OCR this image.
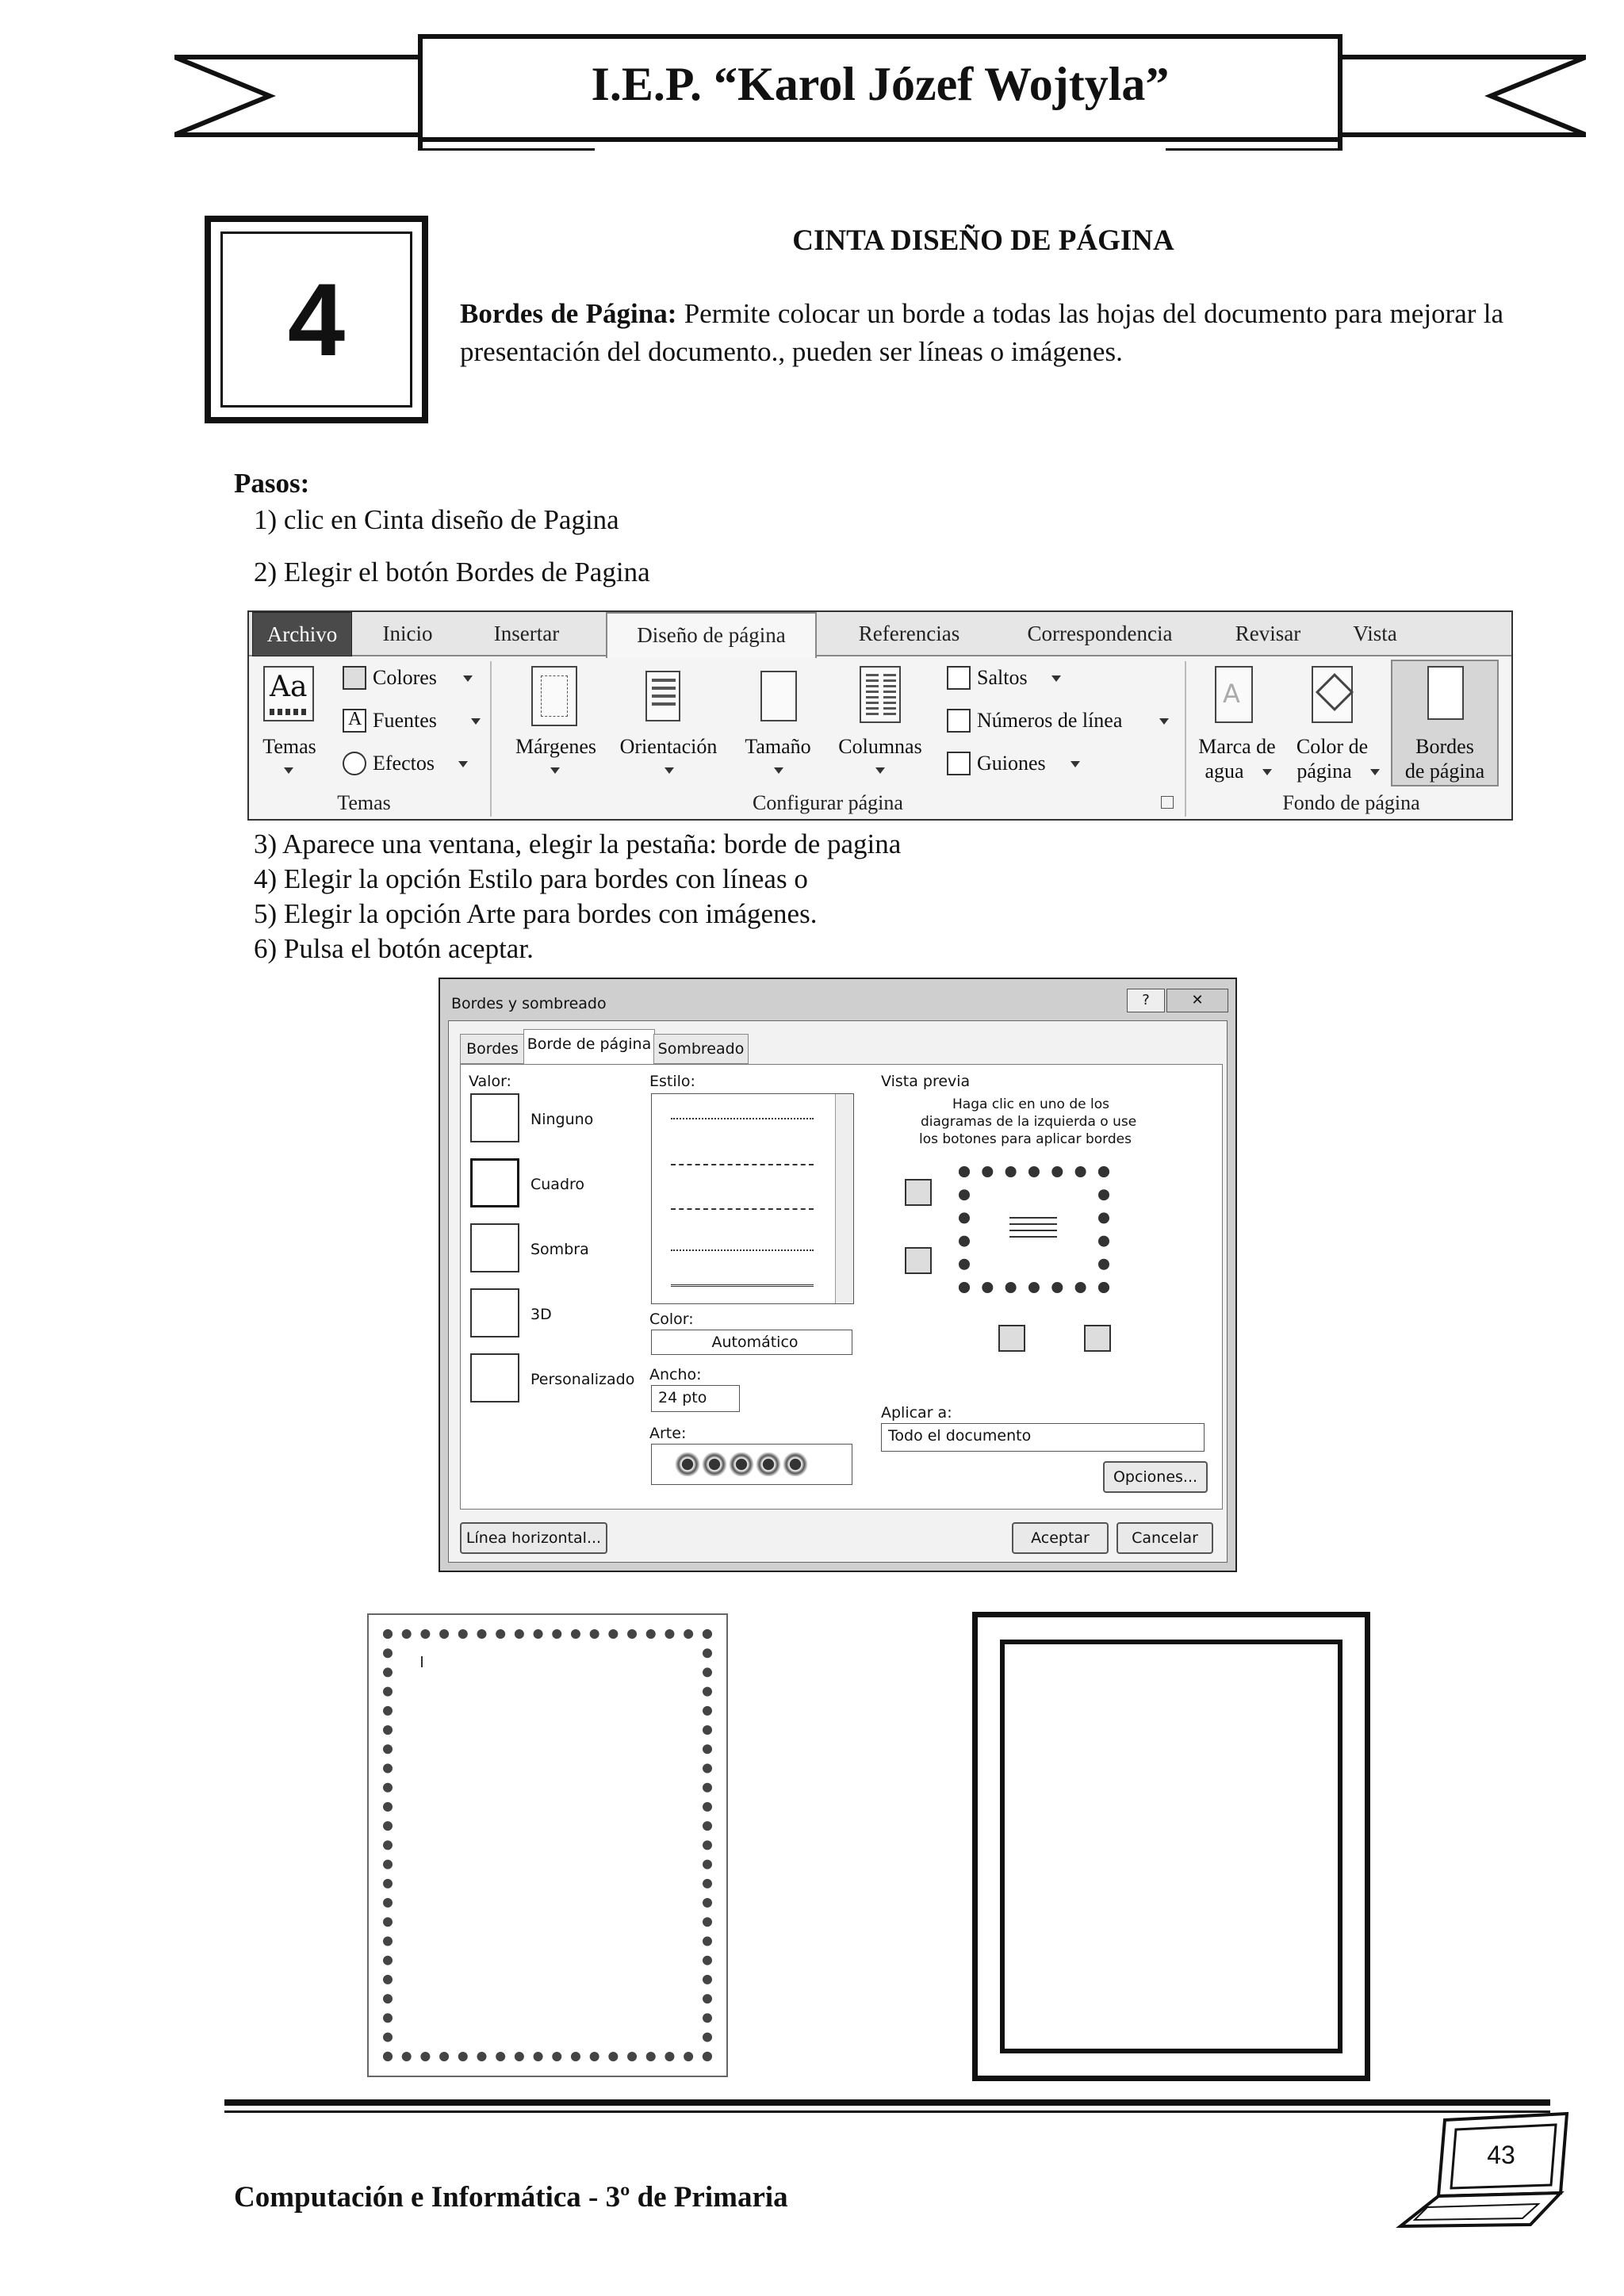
I.E.P. “Karol Józef Wojtyla”
4
CINTA DISEÑO DE PÁGINA
Bordes de Página: Permite colocar un borde a todas las hojas del documento para mejorar la presentación del documento., pueden ser líneas o imágenes.
Pasos:
1) clic en Cinta diseño de Pagina
2) Elegir el botón Bordes de Pagina
Archivo	Inicio	Insertar	Diseño de página	Referencias	Correspondencia	Revisar	Vista
Aa
Temas
Colores
A Fuentes
Efectos
Temas
Márgenes	Orientación	Tamaño	Columnas
Saltos
Números de línea
Guiones
Configurar página
A
Marca de
agua
Color de
página
Bordes
de página
Fondo de página
3) Aparece una ventana, elegir la pestaña: borde de pagina
4) Elegir la opción Estilo para bordes con líneas o
5) Elegir la opción Arte para bordes con imágenes.
6) Pulsa el botón aceptar.
Bordes y sombreado	?	✕
Bordes Borde de página Sombreado
Valor:
Ninguno
Cuadro
Sombra
3D
Personalizado
Estilo:
Color:
Automático
Ancho:
24 pto
Arte:
Vista previa
Haga clic en uno de los
diagramas de la izquierda o use
los botones para aplicar bordes
Aplicar a:
Todo el documento
Opciones...
Línea horizontal...	Aceptar	Cancelar
Computación e Informática - 3º de Primaria
43
